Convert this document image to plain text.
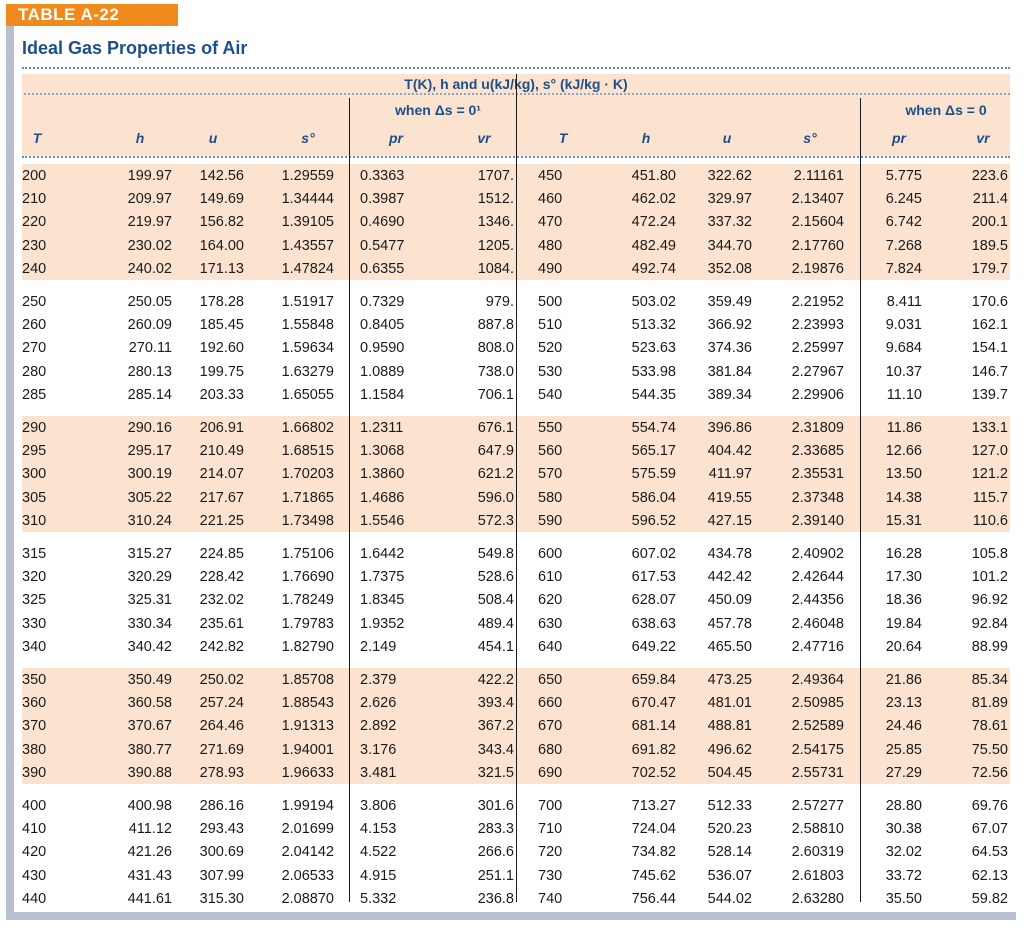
TABLE A-22
Ideal Gas Properties of Air
T(K), h and u(kJ/kg), s° (kJ/kg · K)
when Δs = 0¹	when Δs = 0
T	h	u	s°	pr	vr	T	h	u	s°	pr	vr
200	199.97	142.56	1.29559 0.3363	1707. 450	451.80	322.62	2.11161	5.775	223.6
210	209.97	149.69	1.34444 0.3987	1512. 460	462.02	329.97	2.13407	6.245	211.4
220	219.97	156.82	1.39105 0.4690	1346. 470	472.24	337.32	2.15604	6.742	200.1
230	230.02	164.00	1.43557 0.5477	1205. 480	482.49	344.70	2.17760	7.268	189.5
240	240.02	171.13	1.47824 0.6355	1084. 490	492.74	352.08	2.19876	7.824	179.7
250	250.05	178.28	1.51917 0.7329	979. 500	503.02	359.49	2.21952	8.411	170.6
260	260.09	185.45	1.55848 0.8405	887.8 510	513.32	366.92	2.23993	9.031	162.1
270	270.11	192.60	1.59634 0.9590	808.0 520	523.63	374.36	2.25997	9.684	154.1
280	280.13	199.75	1.63279 1.0889	738.0 530	533.98	381.84	2.27967	10.37	146.7
285	285.14	203.33	1.65055 1.1584	706.1 540	544.35	389.34	2.29906	11.10	139.7
290	290.16	206.91	1.66802 1.2311	676.1 550	554.74	396.86	2.31809	11.86	133.1
295	295.17	210.49	1.68515 1.3068	647.9 560	565.17	404.42	2.33685	12.66	127.0
300	300.19	214.07	1.70203 1.3860	621.2 570	575.59	411.97	2.35531	13.50	121.2
305	305.22	217.67	1.71865 1.4686	596.0 580	586.04	419.55	2.37348	14.38	115.7
310	310.24	221.25	1.73498 1.5546	572.3 590	596.52	427.15	2.39140	15.31	110.6
315	315.27	224.85	1.75106 1.6442	549.8 600	607.02	434.78	2.40902	16.28	105.8
320	320.29	228.42	1.76690 1.7375	528.6 610	617.53	442.42	2.42644	17.30	101.2
325	325.31	232.02	1.78249 1.8345	508.4 620	628.07	450.09	2.44356	18.36	96.92
330	330.34	235.61	1.79783 1.9352	489.4 630	638.63	457.78	2.46048	19.84	92.84
340	340.42	242.82	1.82790 2.149	454.1 640	649.22	465.50	2.47716	20.64	88.99
350	350.49	250.02	1.85708 2.379	422.2 650	659.84	473.25	2.49364	21.86	85.34
360	360.58	257.24	1.88543 2.626	393.4 660	670.47	481.01	2.50985	23.13	81.89
370	370.67	264.46	1.91313 2.892	367.2 670	681.14	488.81	2.52589	24.46	78.61
380	380.77	271.69	1.94001 3.176	343.4 680	691.82	496.62	2.54175	25.85	75.50
390	390.88	278.93	1.96633 3.481	321.5 690	702.52	504.45	2.55731	27.29	72.56
400	400.98	286.16	1.99194 3.806	301.6 700	713.27	512.33	2.57277	28.80	69.76
410	411.12	293.43	2.01699 4.153	283.3 710	724.04	520.23	2.58810	30.38	67.07
420	421.26	300.69	2.04142 4.522	266.6 720	734.82	528.14	2.60319	32.02	64.53
430	431.43	307.99	2.06533 4.915	251.1 730	745.62	536.07	2.61803	33.72	62.13
440	441.61	315.30	2.08870 5.332	236.8 740	756.44	544.02	2.63280	35.50	59.82
